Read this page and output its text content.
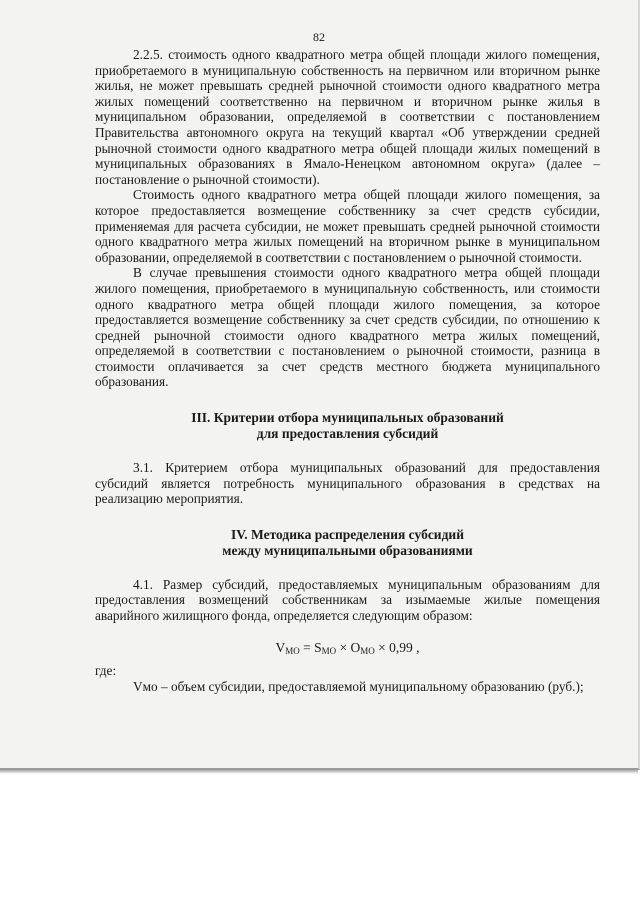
82

2.2.5. стоимость одного квадратного метра общей площади жилого помещения, приобретаемого в муниципальную собственность на первичном или вторичном рынке жилья, не может превышать средней рыночной стоимости одного квадратного метра жилых помещений соответственно на первичном и вторичном рынке жилья в муниципальном образовании, определяемой в соответствии с постановлением Правительства автономного округа на текущий квартал «Об утверждении средней рыночной стоимости одного квадратного метра общей площади жилых помещений в муниципальных образованиях в Ямало-Ненецком автономном округа» (далее – постановление о рыночной стоимости).

Стоимость одного квадратного метра общей площади жилого помещения, за которое предоставляется возмещение собственнику за счет средств субсидии, применяемая для расчета субсидии, не может превышать средней рыночной стоимости одного квадратного метра жилых помещений на вторичном рынке в муниципальном образовании, определяемой в соответствии с постановлением о рыночной стоимости.

В случае превышения стоимости одного квадратного метра общей площади жилого помещения, приобретаемого в муниципальную собственность, или стоимости одного квадратного метра общей площади жилого помещения, за которое предоставляется возмещение собственнику за счет средств субсидии, по отношению к средней рыночной стоимости одного квадратного метра жилых помещений, определяемой в соответствии с постановлением о рыночной стоимости, разница в стоимости оплачивается за счет средств местного бюджета муниципального образования.

III. Критерии отбора муниципальных образований
для предоставления субсидий

3.1. Критерием отбора муниципальных образований для предоставления субсидий является потребность муниципального образования в средствах на реализацию мероприятия.

IV. Методика распределения субсидий
между муниципальными образованиями

4.1. Размер субсидий, предоставляемых муниципальным образованиям для предоставления возмещений собственникам за изымаемые жилые помещения аварийного жилищного фонда, определяется следующим образом:

$V_{МО} = S_{МО} \times О_{МО} \times 0,99$ ,

где:

Vмо – объем субсидии, предоставляемой муниципальному образованию (руб.);
